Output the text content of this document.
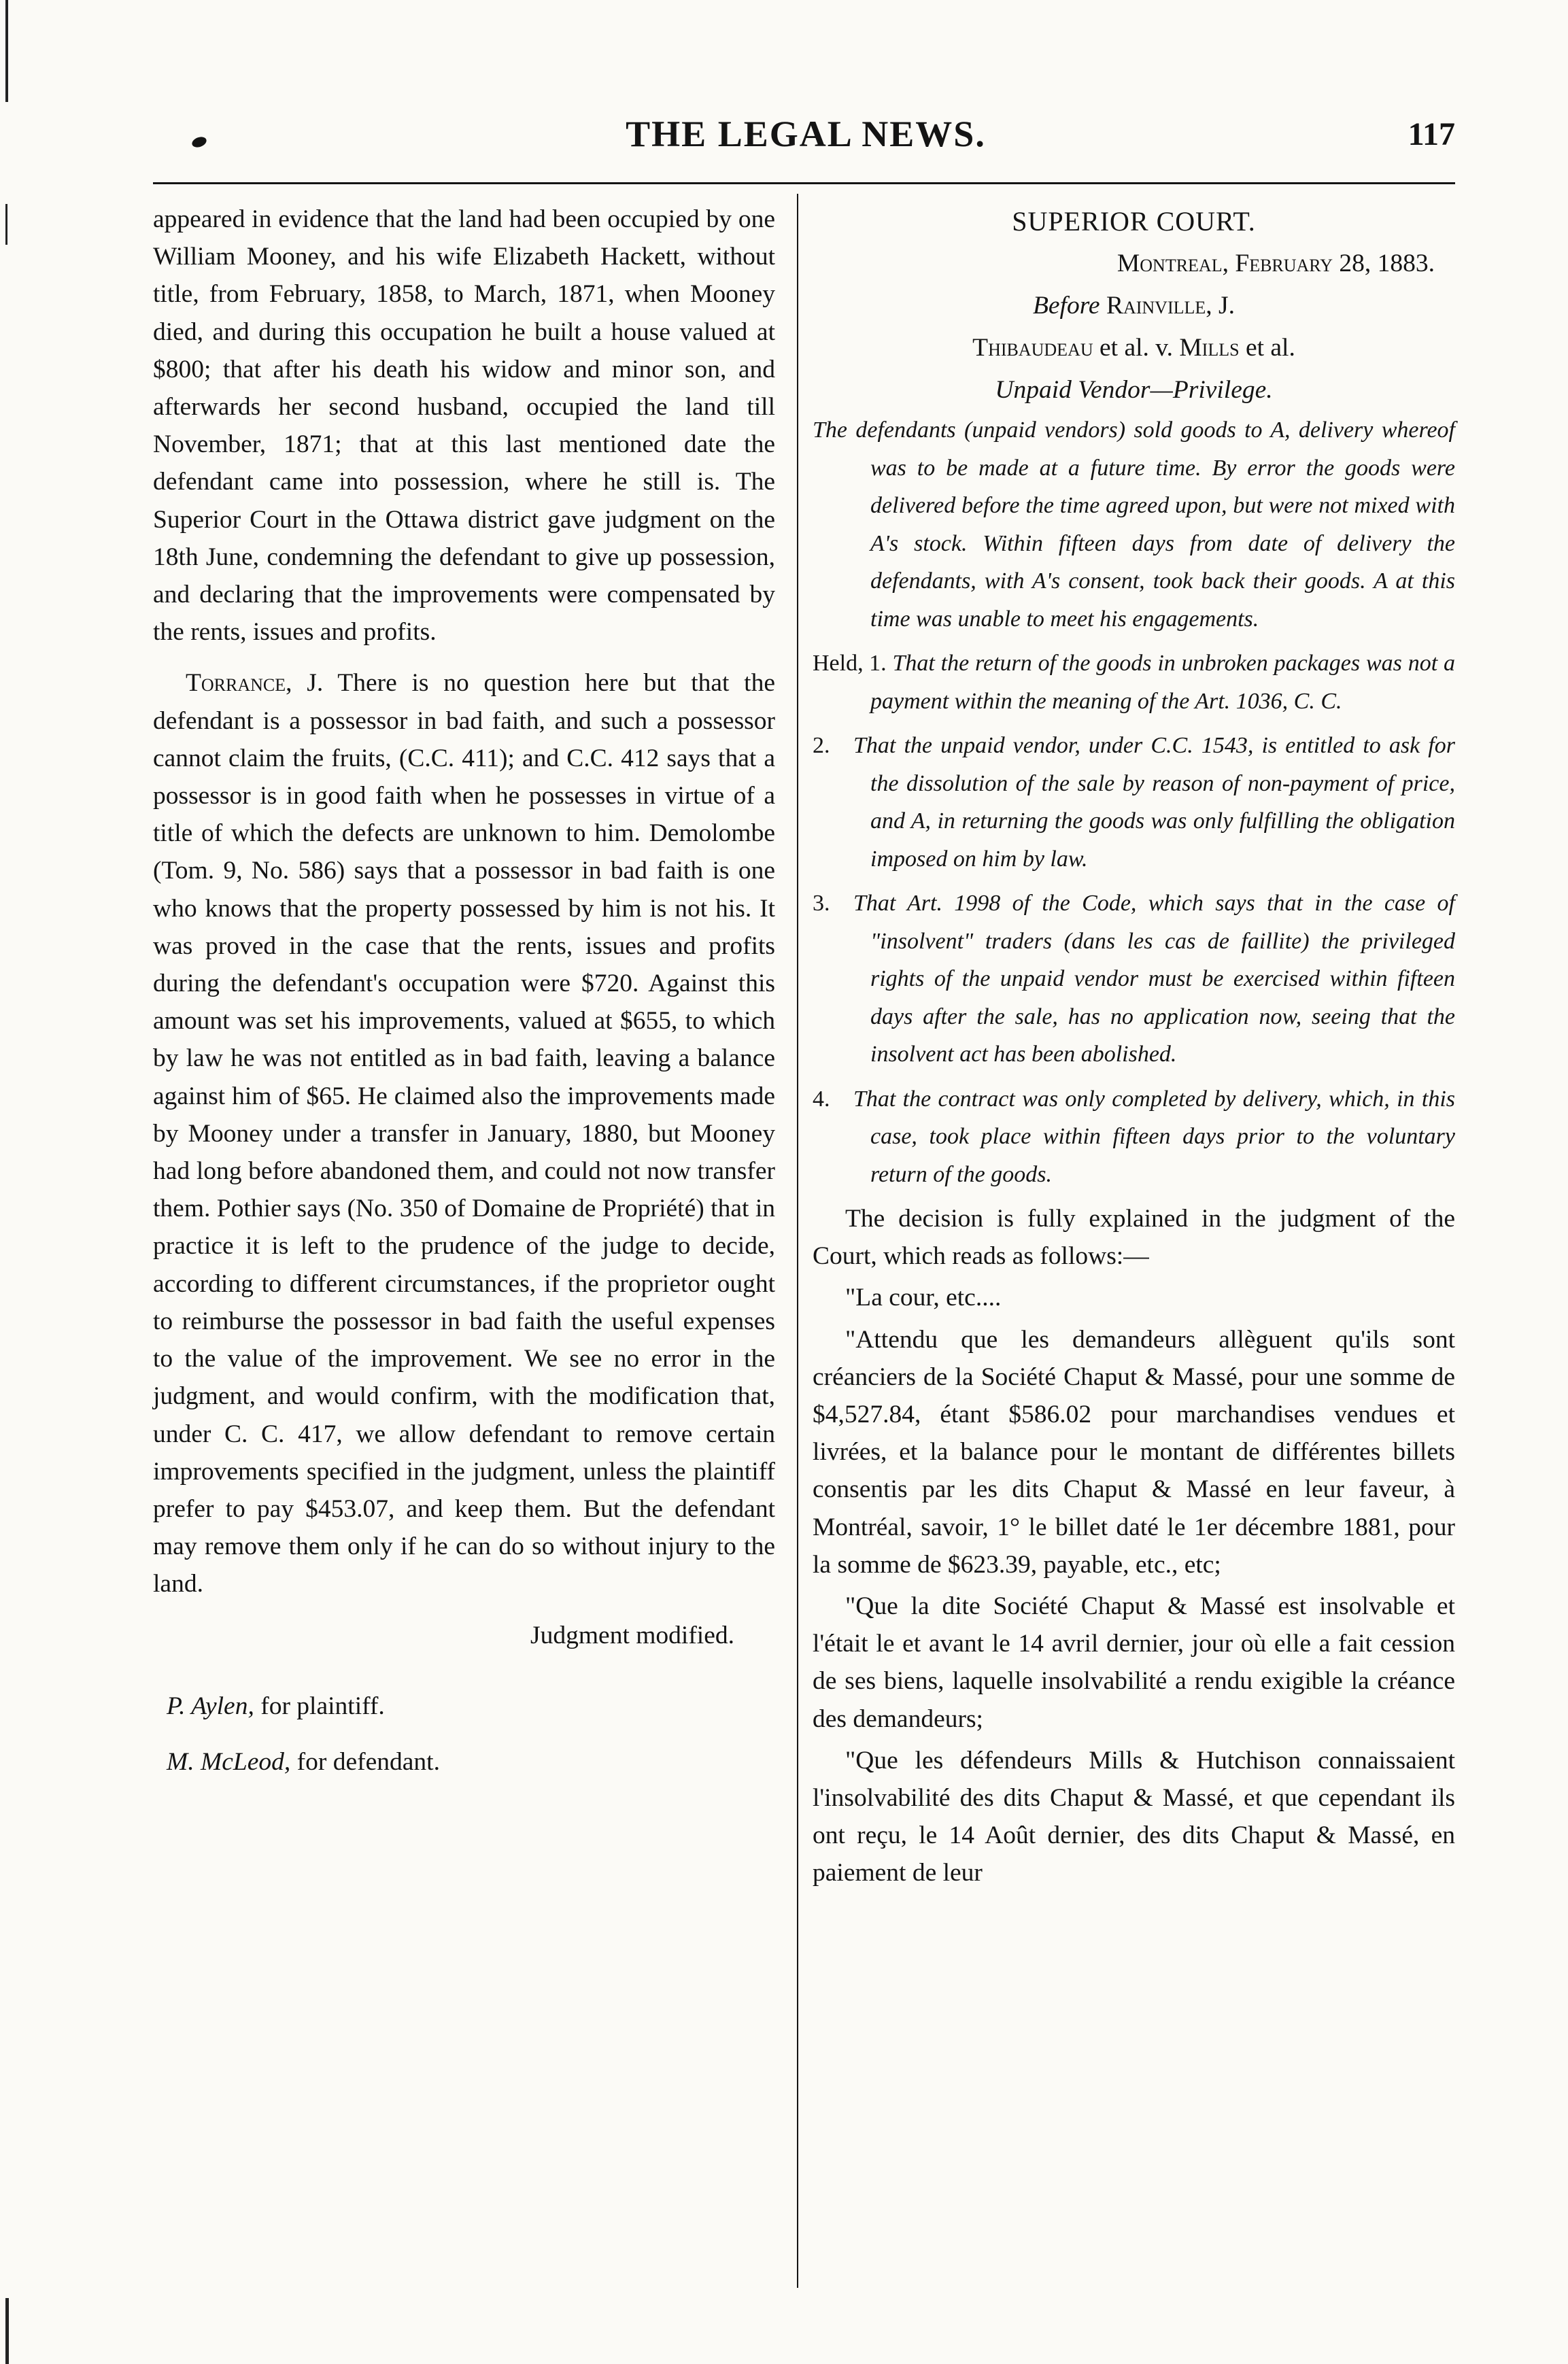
THE LEGAL NEWS.	117

appeared in evidence that the land had been occupied by one William Mooney, and his wife Elizabeth Hackett, without title, from February, 1858, to March, 1871, when Mooney died, and during this occupation he built a house valued at $800; that after his death his widow and minor son, and afterwards her second husband, occupied the land till November, 1871; that at this last mentioned date the defendant came into possession, where he still is. The Superior Court in the Ottawa district gave judgment on the 18th June, condemning the defendant to give up possession, and declaring that the improvements were compensated by the rents, issues and profits.

Torrance, J. There is no question here but that the defendant is a possessor in bad faith, and such a possessor cannot claim the fruits, (C.C. 411); and C.C. 412 says that a possessor is in good faith when he possesses in virtue of a title of which the defects are unknown to him. Demolombe (Tom. 9, No. 586) says that a possessor in bad faith is one who knows that the property possessed by him is not his. It was proved in the case that the rents, issues and profits during the defendant's occupation were $720. Against this amount was set his improvements, valued at $655, to which by law he was not entitled as in bad faith, leaving a balance against him of $65. He claimed also the improvements made by Mooney under a transfer in January, 1880, but Mooney had long before abandoned them, and could not now transfer them. Pothier says (No. 350 of Domaine de Propriété) that in practice it is left to the prudence of the judge to decide, according to different circumstances, if the proprietor ought to reimburse the possessor in bad faith the useful expenses to the value of the improvement. We see no error in the judgment, and would confirm, with the modification that, under C. C. 417, we allow defendant to remove certain improvements specified in the judgment, unless the plaintiff prefer to pay $453.07, and keep them. But the defendant may remove them only if he can do so without injury to the land.

Judgment modified.

P. Aylen, for plaintiff.
M. McLeod, for defendant.
SUPERIOR COURT.
Montreal, February 28, 1883.
Before Rainville, J.
Thibaudeau et al. v. Mills et al.
Unpaid Vendor—Privilege.

The defendants (unpaid vendors) sold goods to A, delivery whereof was to be made at a future time. By error the goods were delivered before the time agreed upon, but were not mixed with A's stock. Within fifteen days from date of delivery the defendants, with A's consent, took back their goods. A at this time was unable to meet his engagements.

Held, 1. That the return of the goods in unbroken packages was not a payment within the meaning of the Art. 1036, C. C.

2. That the unpaid vendor, under C.C. 1543, is entitled to ask for the dissolution of the sale by reason of non-payment of price, and A, in returning the goods was only fulfilling the obligation imposed on him by law.

3. That Art. 1998 of the Code, which says that in the case of "insolvent" traders (dans les cas de faillite) the privileged rights of the unpaid vendor must be exercised within fifteen days after the sale, has no application now, seeing that the insolvent act has been abolished.

4. That the contract was only completed by delivery, which, in this case, took place within fifteen days prior to the voluntary return of the goods.

The decision is fully explained in the judgment of the Court, which reads as follows:—

"La cour, etc....

"Attendu que les demandeurs allèguent qu'ils sont créanciers de la Société Chaput & Massé, pour une somme de $4,527.84, étant $586.02 pour marchandises vendues et livrées, et la balance pour le montant de différentes billets consentis par les dits Chaput & Massé en leur faveur, à Montréal, savoir, 1° le billet daté le 1er décembre 1881, pour la somme de $623.39, payable, etc., etc;

"Que la dite Société Chaput & Massé est insolvable et l'était le et avant le 14 avril dernier, jour où elle a fait cession de ses biens, laquelle insolvabilité a rendu exigible la créance des demandeurs;

"Que les défendeurs Mills & Hutchison connaissaient l'insolvabilité des dits Chaput & Massé, et que cependant ils ont reçu, le 14 Août dernier, des dits Chaput & Massé, en paiement de leur
